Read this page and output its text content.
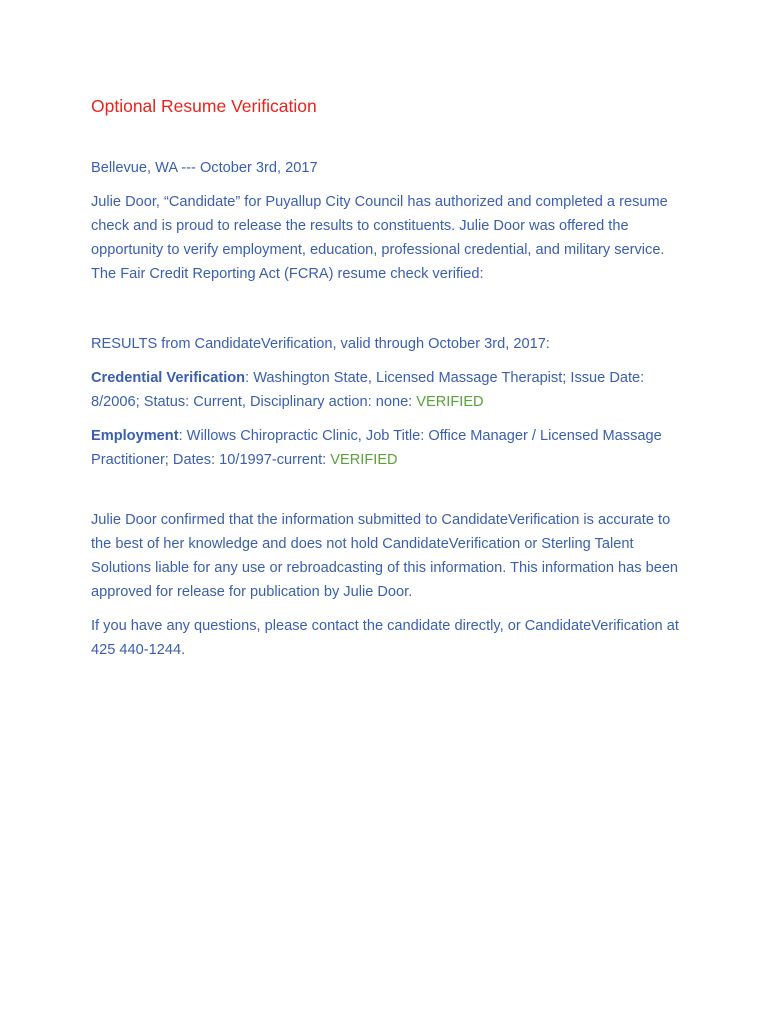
Optional Resume Verification

Bellevue, WA --- October 3rd, 2017

Julie Door, “Candidate” for Puyallup City Council has authorized and completed a resume check and is proud to release the results to constituents. Julie Door was offered the opportunity to verify employment, education, professional credential, and military service. The Fair Credit Reporting Act (FCRA) resume check verified:

RESULTS from CandidateVerification, valid through October 3rd, 2017:

Credential Verification: Washington State, Licensed Massage Therapist; Issue Date: 8/2006; Status: Current, Disciplinary action: none: VERIFIED

Employment: Willows Chiropractic Clinic, Job Title: Office Manager / Licensed Massage Practitioner; Dates: 10/1997-current: VERIFIED

Julie Door confirmed that the information submitted to CandidateVerification is accurate to the best of her knowledge and does not hold CandidateVerification or Sterling Talent Solutions liable for any use or rebroadcasting of this information. This information has been approved for release for publication by Julie Door.

If you have any questions, please contact the candidate directly, or CandidateVerification at 425 440-1244.
